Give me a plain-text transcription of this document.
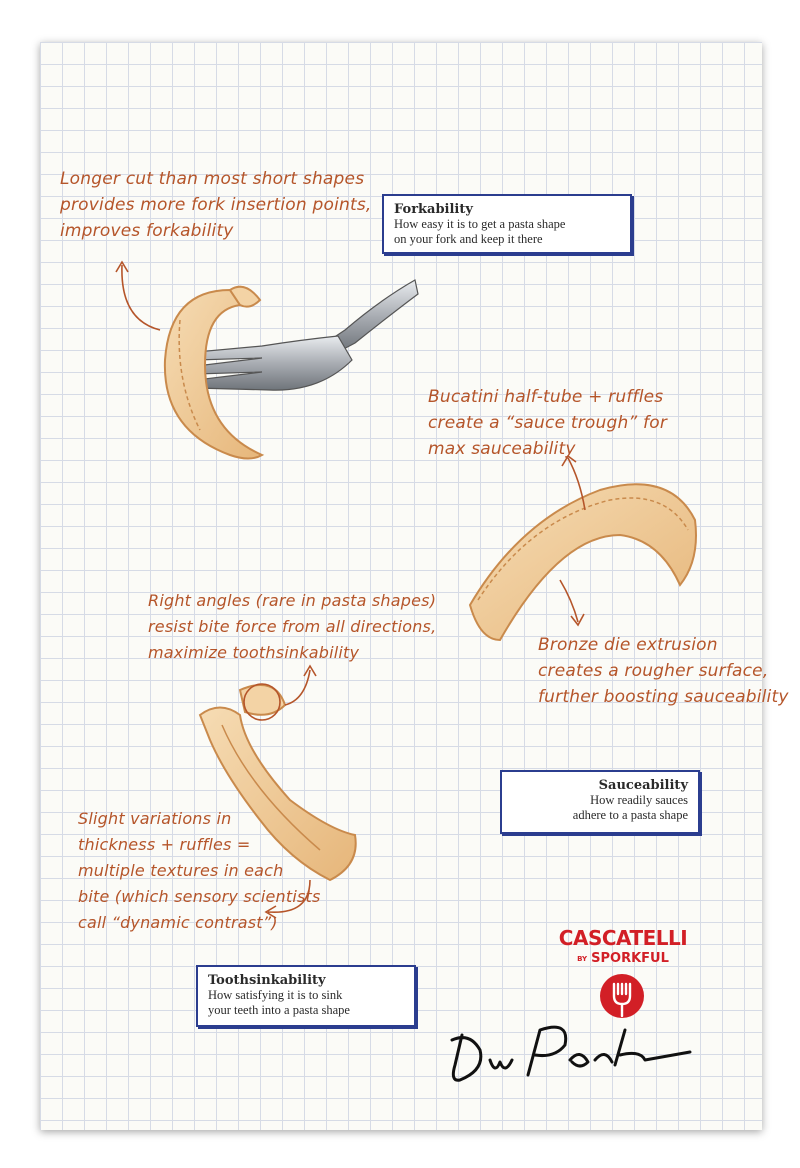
Longer cut than most short shapes
provides more fork insertion points,
improves forkability
Bucatini half-tube + ruffles
create a “sauce trough” for
max sauceability
Bronze die extrusion
creates a rougher surface,
further boosting sauceability
Right angles (rare in pasta shapes)
resist bite force from all directions,
maximize toothsinkability
Slight variations in
thickness + ruffles =
multiple textures in each
bite (which sensory scientists
call “dynamic contrast”)
Forkability
How easy it is to get a pasta shape
on your fork and keep it there
Sauceability
How readily sauces
adhere to a pasta shape
Toothsinkability
How satisfying it is to sink
your teeth into a pasta shape
CASCATELLI
BY SPORKFUL
